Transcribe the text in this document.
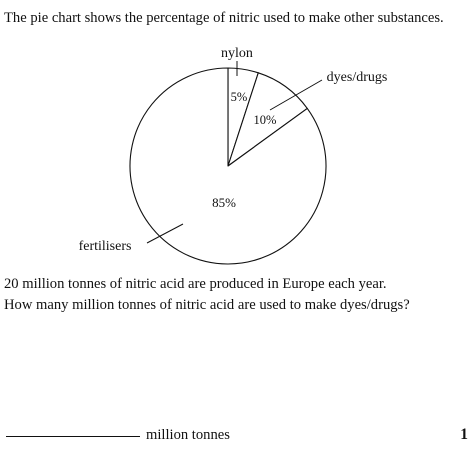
The pie chart shows the percentage of nitric used to make other substances.
5%
nylon
10%
dyes/drugs
85%
fertilisers
20 million tonnes of nitric acid are produced in Europe each year.
How many million tonnes of nitric acid are used to make dyes/drugs?
million tonnes	1
